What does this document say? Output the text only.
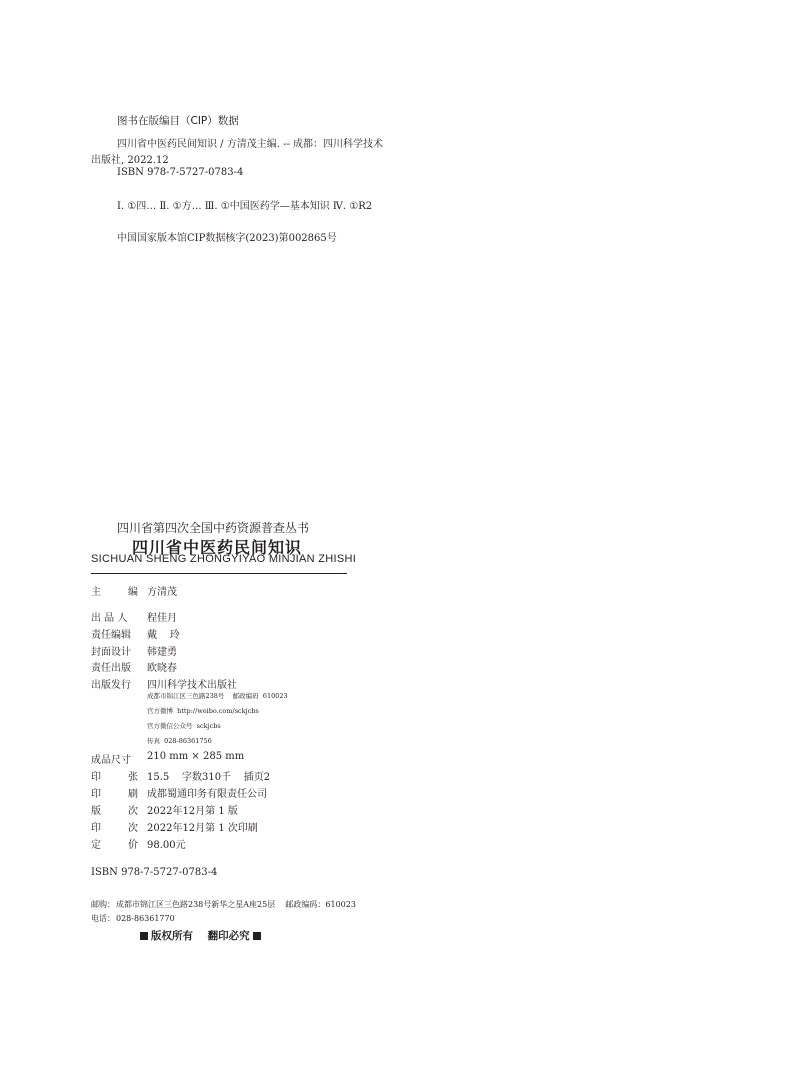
图书在版编目（CIP）数据
四川省中医药民间知识 / 方清茂主编. -- 成都：四川科学技术
出版社, 2022.12
ISBN 978-7-5727-0783-4
Ⅰ. ①四… Ⅱ. ①方… Ⅲ. ①中国医药学—基本知识 Ⅳ. ①R2
中国国家版本馆CIP数据核字(2023)第002865号
四川省第四次全国中药资源普查丛书
四川省中医药民间知识
SICHUAN SHENG ZHONGYIYAO MINJIAN ZHISHI
主	编 方清茂
出 品 人	程佳月
责任编辑	戴    玲
封面设计	韩建勇
责任出版	欧晓春
出版发行	四川科学技术出版社
成都市锦江区三色路238号    邮政编码  610023
官方微博  http://weibo.com/sckjcbs
官方微信公众号  sckjcbs
传真  028-86361756
成品尺寸	210 mm × 285 mm
印	张 15.5    字数310千    插页2
印	刷 成都蜀通印务有限责任公司
版	次 2022年12月第 1 版
印	次 2022年12月第 1 次印刷
定	价 98.00元
ISBN 978-7-5727-0783-4
邮 购： 成都市锦江区三色路238号新华之星A座25层    邮政编码：610023
电 话： 028-86361770
版权所有    翻印必究
